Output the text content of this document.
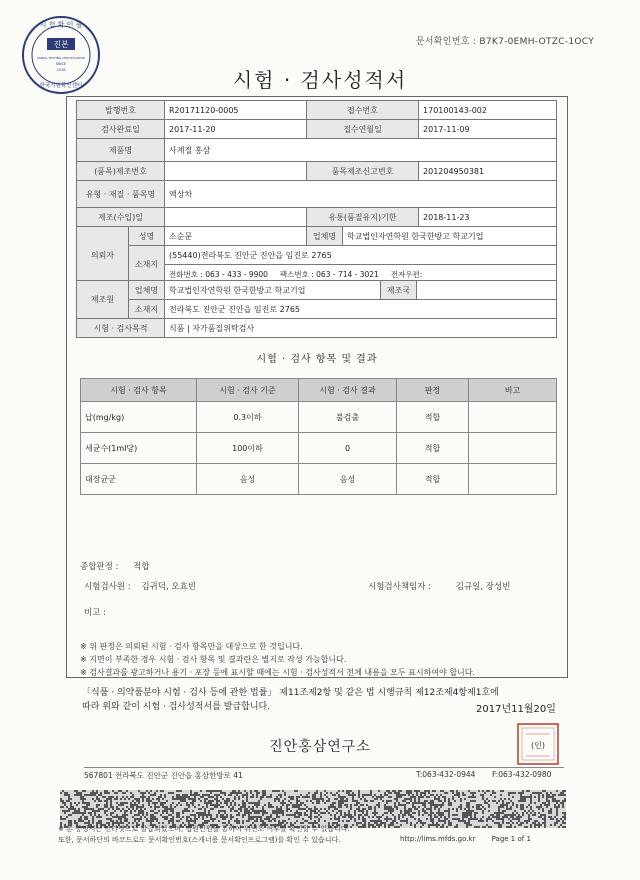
문서확인번호 : B7K7-0EMH-OTZC-1OCY
시 험 확 인 필
진본
KOREA TESTING CERTIFICATION
SINCE
2016
한국시험확인센터	시험 · 검사성적서
발행번호	R20171120-0005	접수번호	170100143-002
검사완료일	2017-11-20	접수연월일	2017-11-09
제품명	사계절 홍삼		
(품목)제조번호		품목제조신고번호	201204950381
유형 · 재질 · 품목명	액상차		
제조(수입)일		유통(품질유지)기한	2018-11-23
의뢰자	성명	소순문	업체명	학교법인자연학원 한국한방고 학교기업
	소재지	(55440)전라북도 진안군 진안읍 임진로 2765		
		전화번호 : 063 - 433 - 9900 팩스번호 : 063 - 714 - 3021 전자우편:		
제조원	업체명	학교법인자연학원 한국한방고 학교기업	제조국	
	소재지	전라북도 진안군 진안읍 임진로 2765		
시험 · 검사목적	식품 | 자가품질위탁검사
시험 · 검사 항목 및 결과
시험 · 검사 항목	시험 · 검사 기준	시험 · 검사 결과	판정	비고
납(mg/kg)	0.3이하	불검출	적합	
세균수(1ml당)	100이하	0	적합	
대장균군	음성	음성	적합	
종합판정 : 적합
시험검사원 : 김귀덕, 오효빈	시험검사책임자 :	김규일, 장성빈
비고 :
※ 위 판정은 의뢰된 시험 · 검사 항목만을 대상으로 한 것입니다.
※ 지면이 부족한 경우 시험 · 검사 항목 및 결과란은 별지로 작성 가능합니다.
※ 검사결과를 광고하거나 용기 · 포장 등에 표시할 때에는 시험 · 검사성적서 전체 내용을 모두 표시하여야 합니다.
「식품 · 의약품분야 시험 · 검사 등에 관한 법률」 제11조제2항 및 같은 법 시행규칙 제12조제4항제1호에
따라 위와 같이 시험 · 검사성적서를 발급합니다.	2017년11월20일
진안홍삼연구소	(인)
567801 전라북도 진안군 진안읍 홍삼한방로 41	T:063-432-0944 F:063-432-0980
※ 본 증명서는 인터넷으로 발급되었으며, 법원민원을 통하여 위변조 여부를 확인할 수 있습니다.
또한, 문서하단의 바코드로도 문서확인번호(스캐너용 문서확인프로그램)를 확인 수 있습니다.	http://lims.mfds.go.kr Page 1 of 1
